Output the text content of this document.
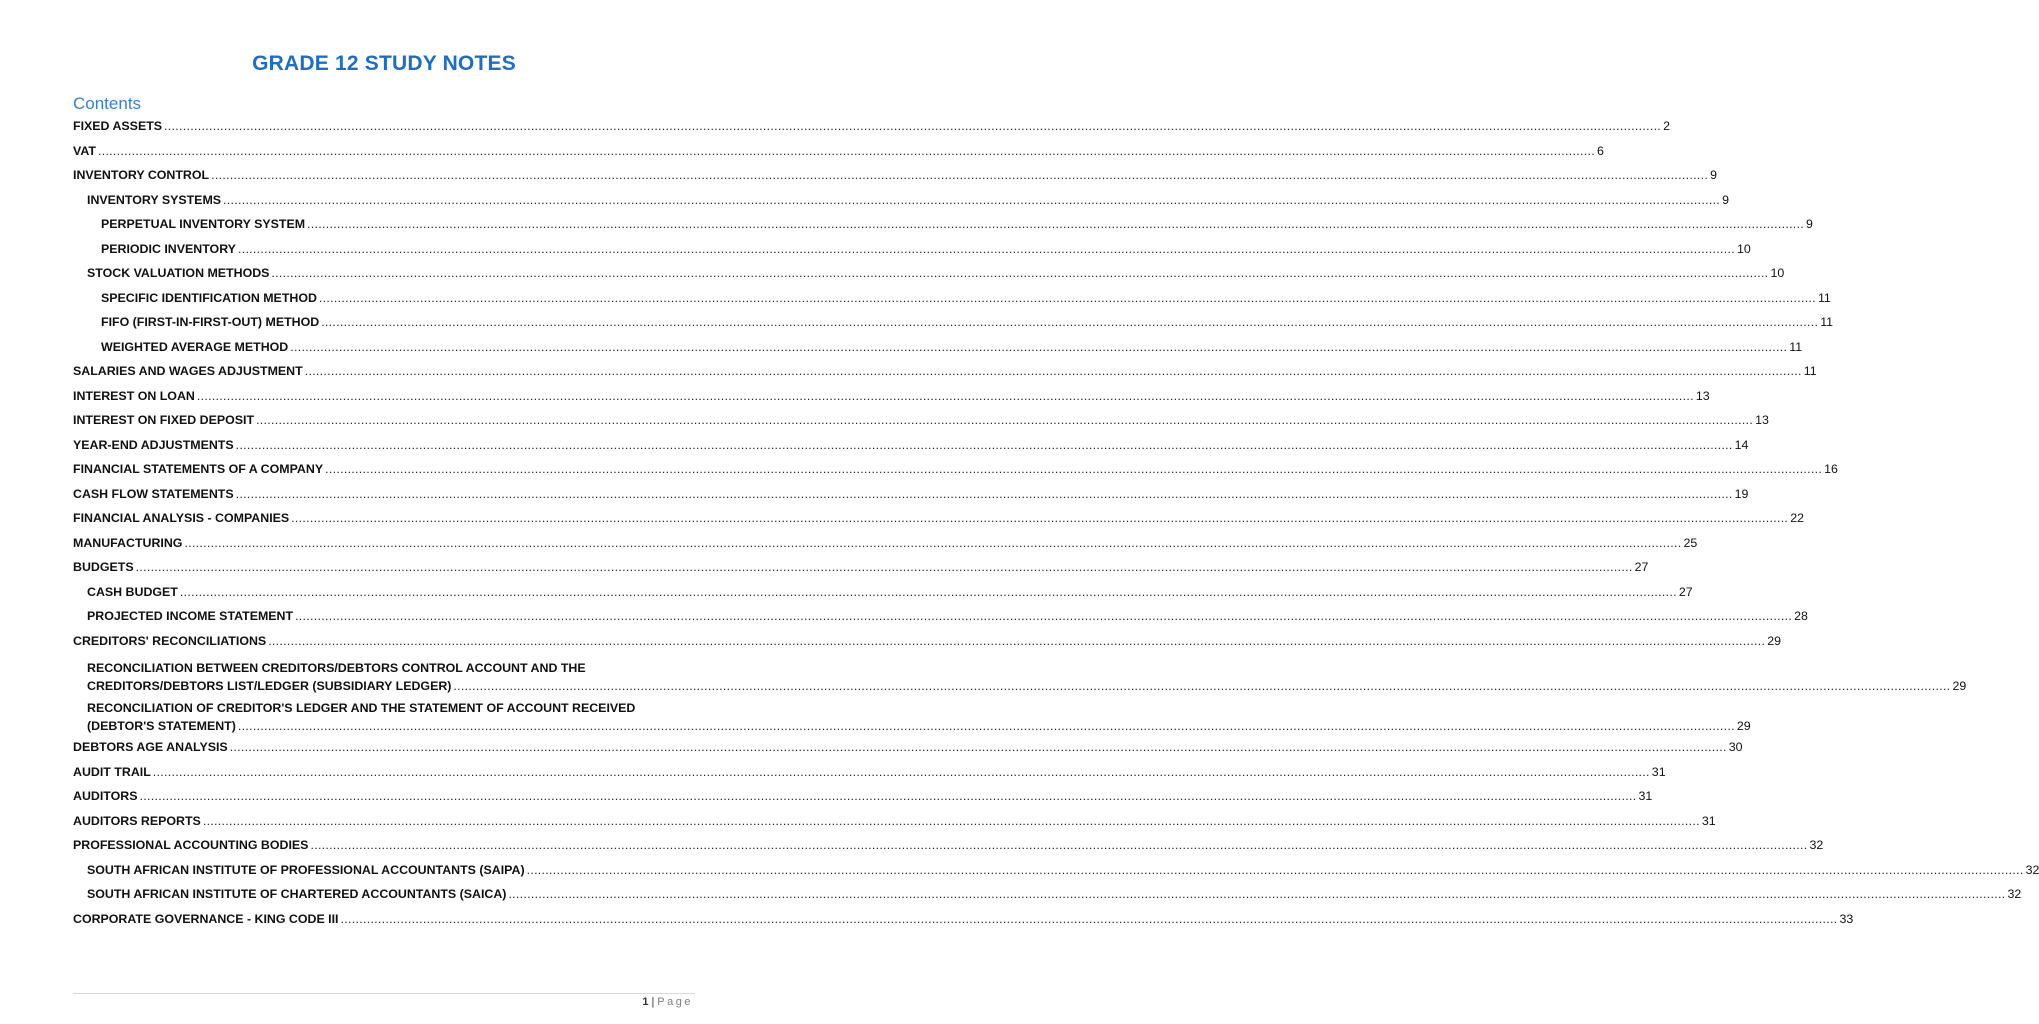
GRADE 12 STUDY NOTES
Contents
FIXED ASSETS ................................................................................................................................................................................................................................................................................................................................................................................................................ 2
VAT ................................................................................................................................................................................................................................................................................................................................................................................................................ 6
INVENTORY CONTROL ................................................................................................................................................................................................................................................................................................................................................................................................................ 9
INVENTORY SYSTEMS ................................................................................................................................................................................................................................................................................................................................................................................................................ 9
PERPETUAL INVENTORY SYSTEM ................................................................................................................................................................................................................................................................................................................................................................................................................ 9
PERIODIC INVENTORY ................................................................................................................................................................................................................................................................................................................................................................................................................ 10
STOCK VALUATION METHODS ................................................................................................................................................................................................................................................................................................................................................................................................................ 10
SPECIFIC IDENTIFICATION METHOD ................................................................................................................................................................................................................................................................................................................................................................................................................ 11
FIFO (FIRST-IN-FIRST-OUT) METHOD ................................................................................................................................................................................................................................................................................................................................................................................................................ 11
WEIGHTED AVERAGE METHOD ................................................................................................................................................................................................................................................................................................................................................................................................................ 11
SALARIES AND WAGES ADJUSTMENT ................................................................................................................................................................................................................................................................................................................................................................................................................ 11
INTEREST ON LOAN ................................................................................................................................................................................................................................................................................................................................................................................................................ 13
INTEREST ON FIXED DEPOSIT ................................................................................................................................................................................................................................................................................................................................................................................................................ 13
YEAR-END ADJUSTMENTS ................................................................................................................................................................................................................................................................................................................................................................................................................ 14
FINANCIAL STATEMENTS OF A COMPANY ................................................................................................................................................................................................................................................................................................................................................................................................................ 16
CASH FLOW STATEMENTS ................................................................................................................................................................................................................................................................................................................................................................................................................ 19
FINANCIAL ANALYSIS - COMPANIES ................................................................................................................................................................................................................................................................................................................................................................................................................ 22
MANUFACTURING ................................................................................................................................................................................................................................................................................................................................................................................................................ 25
BUDGETS ................................................................................................................................................................................................................................................................................................................................................................................................................ 27
CASH BUDGET ................................................................................................................................................................................................................................................................................................................................................................................................................ 27
PROJECTED INCOME STATEMENT ................................................................................................................................................................................................................................................................................................................................................................................................................ 28
CREDITORS' RECONCILIATIONS ................................................................................................................................................................................................................................................................................................................................................................................................................ 29
RECONCILIATION BETWEEN CREDITORS/DEBTORS CONTROL ACCOUNT AND THE
CREDITORS/DEBTORS LIST/LEDGER (SUBSIDIARY LEDGER) ................................................................................................................................................................................................................................................................................................................................................................................................................ 29
RECONCILIATION OF CREDITOR'S LEDGER AND THE STATEMENT OF ACCOUNT RECEIVED
(DEBTOR'S STATEMENT) ................................................................................................................................................................................................................................................................................................................................................................................................................ 29
DEBTORS AGE ANALYSIS ................................................................................................................................................................................................................................................................................................................................................................................................................ 30
AUDIT TRAIL ................................................................................................................................................................................................................................................................................................................................................................................................................ 31
AUDITORS ................................................................................................................................................................................................................................................................................................................................................................................................................ 31
AUDITORS REPORTS ................................................................................................................................................................................................................................................................................................................................................................................................................ 31
PROFESSIONAL ACCOUNTING BODIES ................................................................................................................................................................................................................................................................................................................................................................................................................ 32
SOUTH AFRICAN INSTITUTE OF PROFESSIONAL ACCOUNTANTS (SAIPA) ................................................................................................................................................................................................................................................................................................................................................................................................................ 32
SOUTH AFRICAN INSTITUTE OF CHARTERED ACCOUNTANTS (SAICA) ................................................................................................................................................................................................................................................................................................................................................................................................................ 32
CORPORATE GOVERNANCE - KING CODE III ................................................................................................................................................................................................................................................................................................................................................................................................................ 33
1 | Page
